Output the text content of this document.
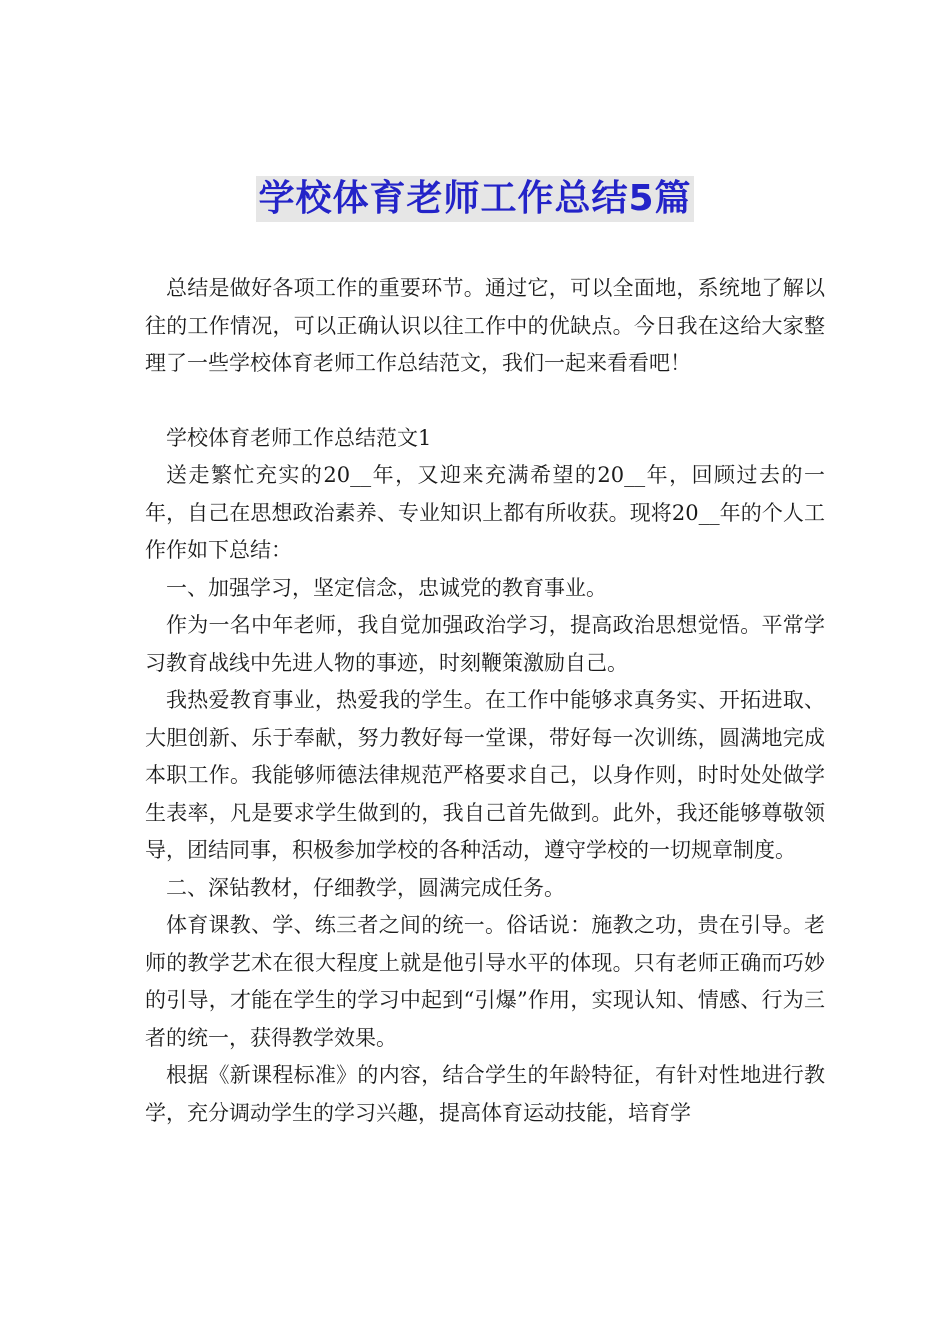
学校体育老师工作总结5篇

总结是做好各项工作的重要环节。通过它，可以全面地，系统地了解以往的工作情况，可以正确认识以往工作中的优缺点。今日我在这给大家整理了一些学校体育老师工作总结范文，我们一起来看看吧！

学校体育老师工作总结范文1

送走繁忙充实的20__年，又迎来充满希望的20__年，回顾过去的一年，自己在思想政治素养、专业知识上都有所收获。现将20__年的个人工作作如下总结：

一、加强学习，坚定信念，忠诚党的教育事业。

作为一名中年老师，我自觉加强政治学习，提高政治思想觉悟。平常学习教育战线中先进人物的事迹，时刻鞭策激励自己。

我热爱教育事业，热爱我的学生。在工作中能够求真务实、开拓进取、大胆创新、乐于奉献，努力教好每一堂课，带好每一次训练，圆满地完成本职工作。我能够师德法律规范严格要求自己，以身作则，时时处处做学生表率，凡是要求学生做到的，我自己首先做到。此外，我还能够尊敬领导，团结同事，积极参加学校的各种活动，遵守学校的一切规章制度。

二、深钻教材，仔细教学，圆满完成任务。

体育课教、学、练三者之间的统一。俗话说：施教之功，贵在引导。老师的教学艺术在很大程度上就是他引导水平的体现。只有老师正确而巧妙的引导，才能在学生的学习中起到“引爆”作用，实现认知、情感、行为三者的统一，获得教学效果。

根据《新课程标准》的内容，结合学生的年龄特征，有针对性地进行教学，充分调动学生的学习兴趣，提高体育运动技能，培育学
